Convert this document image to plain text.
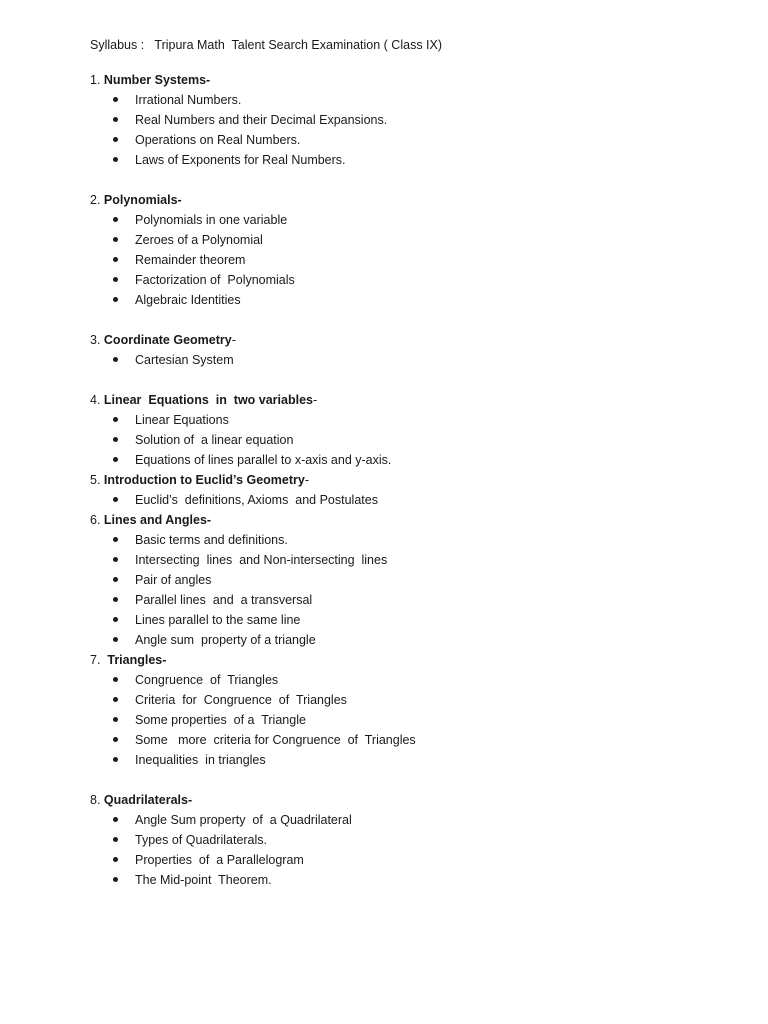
Syllabus :   Tripura Math  Talent Search Examination ( Class IX)
1. Number Systems-
Irrational Numbers.
Real Numbers and their Decimal Expansions.
Operations on Real Numbers.
Laws of Exponents for Real Numbers.
2. Polynomials-
Polynomials in one variable
Zeroes of a Polynomial
Remainder theorem
Factorization of  Polynomials
Algebraic Identities
3. Coordinate Geometry-
Cartesian System
4. Linear  Equations  in  two variables-
Linear Equations
Solution of  a linear equation
Equations of lines parallel to x-axis and y-axis.
5. Introduction to Euclid’s Geometry-
Euclid’s  definitions, Axioms  and Postulates
6. Lines and Angles-
Basic terms and definitions.
Intersecting  lines  and Non-intersecting  lines
Pair of angles
Parallel lines  and  a transversal
Lines parallel to the same line
Angle sum  property of a triangle
7.  Triangles-
Congruence  of  Triangles
Criteria  for  Congruence  of  Triangles
Some properties  of a  Triangle
Some   more  criteria for Congruence  of  Triangles
Inequalities  in triangles
8. Quadrilaterals-
Angle Sum property  of  a Quadrilateral
Types of Quadrilaterals.
Properties  of  a Parallelogram
The Mid-point  Theorem.
